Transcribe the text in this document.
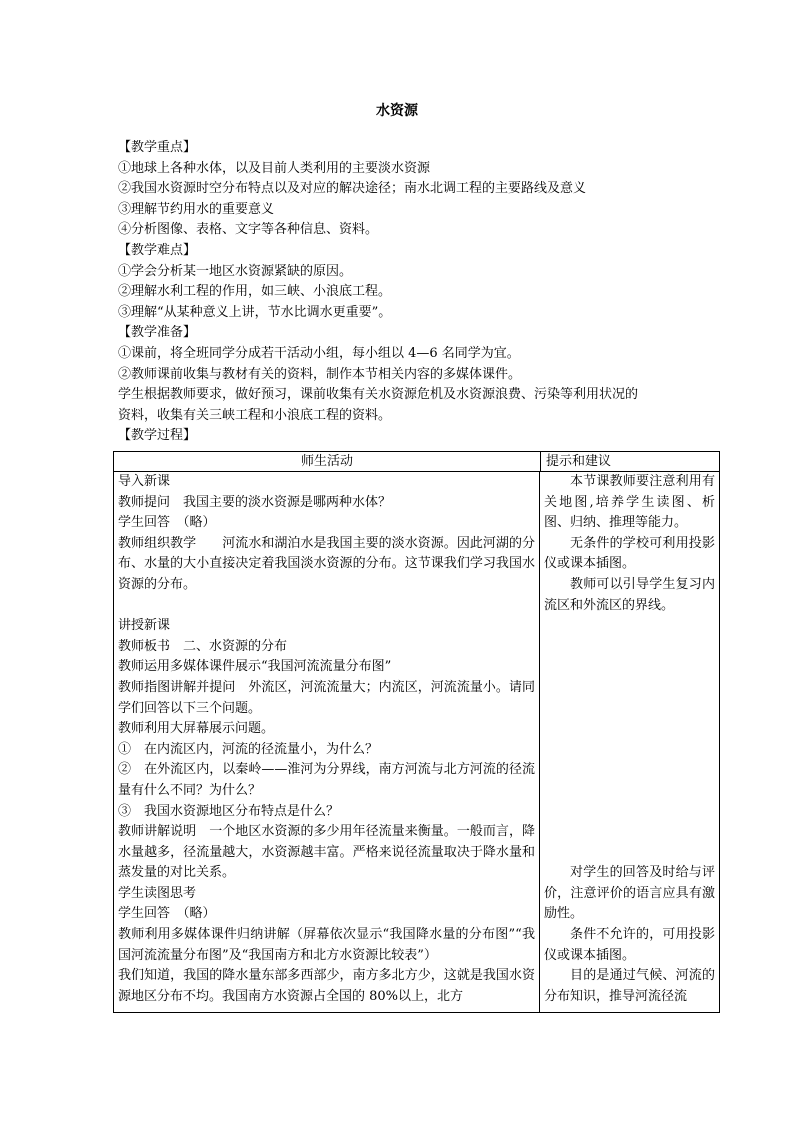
水资源
【教学重点】
①地球上各种水体，以及目前人类利用的主要淡水资源
②我国水资源时空分布特点以及对应的解决途径；南水北调工程的主要路线及意义
③理解节约用水的重要意义
④分析图像、表格、文字等各种信息、资料。
【教学难点】
①学会分析某一地区水资源紧缺的原因。
②理解水利工程的作用，如三峡、小浪底工程。
③理解“从某种意义上讲，节水比调水更重要”。
【教学准备】
①课前，将全班同学分成若干活动小组，每小组以 4—6 名同学为宜。
②教师课前收集与教材有关的资料，制作本节相关内容的多媒体课件。
学生根据教师要求，做好预习，课前收集有关水资源危机及水资源浪费、污染等利用状况的
资料，收集有关三峡工程和小浪底工程的资料。
【教学过程】
师生活动	提示和建议
导入新课
教师提问　我国主要的淡水资源是哪两种水体？
学生回答　（略）
教师组织教学　　河流水和湖泊水是我国主要的淡水资源。因此河湖的分布、水量的大小直接决定着我国淡水资源的分布。这节课我们学习我国水资源的分布。
讲授新课
教师板书　二、水资源的分布
教师运用多媒体课件展示“我国河流流量分布图”
教师指图讲解并提问　外流区，河流流量大；内流区，河流流量小。请同学们回答以下三个问题。
教师利用大屏幕展示问题。
①　在内流区内，河流的径流量小，为什么？
②　在外流区内，以秦岭——淮河为分界线，南方河流与北方河流的径流量有什么不同？为什么？
③　我国水资源地区分布特点是什么？
教师讲解说明　一个地区水资源的多少用年径流量来衡量。一般而言，降水量越多，径流量越大，水资源越丰富。严格来说径流量取决于降水量和蒸发量的对比关系。
学生读图思考
学生回答　（略）
教师利用多媒体课件归纳讲解（屏幕依次显示“我国降水量的分布图”“我国河流流量分布图”及“我国南方和北方水资源比较表”）
我们知道，我国的降水量东部多西部少，南方多北方少，这就是我国水资源地区分布不均。我国南方水资源占全国的 80%以上，北方
本节课教师要注意利用有关地图,培养学生读图、析图、归纳、推理等能力。
无条件的学校可利用投影仪或课本插图。
教师可以引导学生复习内流区和外流区的界线。
对学生的回答及时给与评价，注意评价的语言应具有激励性。
条件不允许的，可用投影仪或课本插图。
目的是通过气候、河流的分布知识，推导河流径流
